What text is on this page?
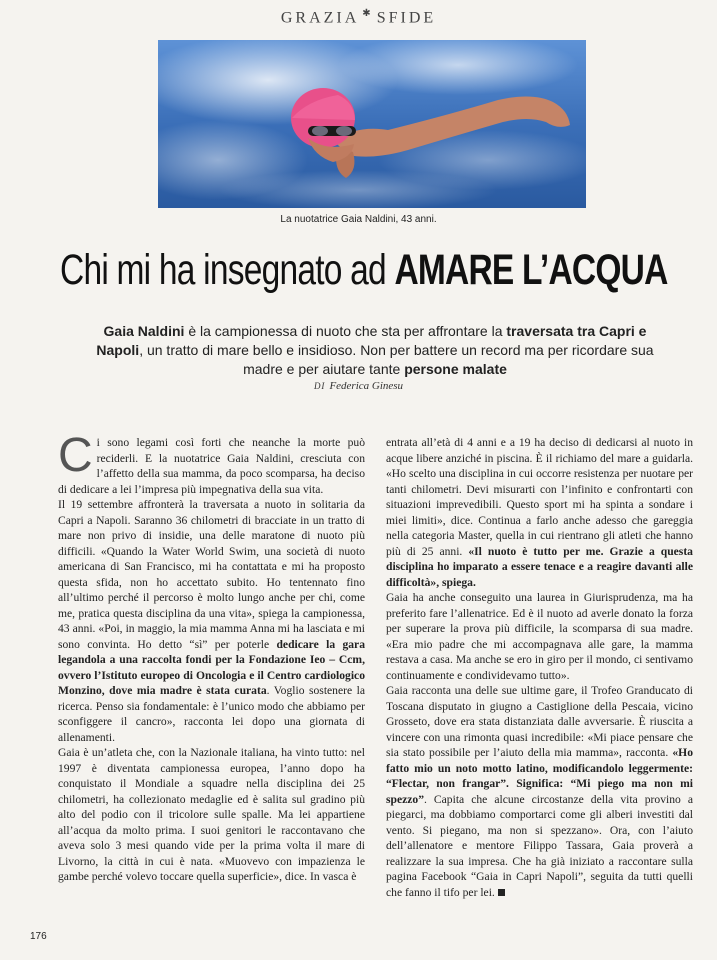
GRAZIA ✱ SFIDE
La nuotatrice Gaia Naldini, 43 anni.
Chi mi ha insegnato ad AMARE L’ACQUA
Gaia Naldini è la campionessa di nuoto che sta per affrontare la traversata tra Capri e Napoli, un tratto di mare bello e insidioso. Non per battere un record ma per ricordare sua madre e per aiutare tante persone malate
DI Federica Ginesu

Ci sono legami così forti che neanche la morte può reciderli. E la nuotatrice Gaia Naldini, cresciuta con l’affetto della sua mamma, da poco scomparsa, ha deciso di dedicare a lei l’impresa più impegnativa della sua vita.

Il 19 settembre affronterà la traversata a nuoto in solitaria da Capri a Napoli. Saranno 36 chilometri di bracciate in un tratto di mare non privo di insidie, una delle maratone di nuoto più difficili. «Quando la Water World Swim, una società di nuoto americana di San Francisco, mi ha contattata e mi ha proposto questa sfida, non ho accettato subito. Ho tentennato fino all’ultimo perché il percorso è molto lungo anche per chi, come me, pratica questa disciplina da una vita», spiega la campionessa, 43 anni. «Poi, in maggio, la mia mamma Anna mi ha lasciata e mi sono convinta. Ho detto “sì” per poterle dedicare la gara legandola a una raccolta fondi per la Fondazione Ieo – Ccm, ovvero l’Istituto europeo di Oncologia e il Centro cardiologico Monzino, dove mia madre è stata curata. Voglio sostenere la ricerca. Penso sia fondamentale: è l’unico modo che abbiamo per sconfiggere il cancro», racconta lei dopo una giornata di allenamenti.

Gaia è un’atleta che, con la Nazionale italiana, ha vinto tutto: nel 1997 è diventata campionessa europea, l’anno dopo ha conquistato il Mondiale a squadre nella disciplina dei 25 chilometri, ha collezionato medaglie ed è salita sul gradino più alto del podio con il tricolore sulle spalle. Ma lei appartiene all’acqua da molto prima. I suoi genitori le raccontavano che aveva solo 3 mesi quando vide per la prima volta il mare di Livorno, la città in cui è nata. «Muovevo con impazienza le gambe perché volevo toccare quella superficie», dice. In vasca è

entrata all’età di 4 anni e a 19 ha deciso di dedicarsi al nuoto in acque libere anziché in piscina. È il richiamo del mare a guidarla. «Ho scelto una disciplina in cui occorre resistenza per nuotare per tanti chilometri. Devi misurarti con l’infinito e confrontarti con situazioni imprevedibili. Questo sport mi ha spinta a sondare i miei limiti», dice. Continua a farlo anche adesso che gareggia nella categoria Master, quella in cui rientrano gli atleti che hanno più di 25 anni. «Il nuoto è tutto per me. Grazie a questa disciplina ho imparato a essere tenace e a reagire davanti alle difficoltà», spiega.

Gaia ha anche conseguito una laurea in Giurisprudenza, ma ha preferito fare l’allenatrice. Ed è il nuoto ad averle donato la forza per superare la prova più difficile, la scomparsa di sua madre. «Era mio padre che mi accompagnava alle gare, la mamma restava a casa. Ma anche se ero in giro per il mondo, ci sentivamo continuamente e condividevamo tutto».

Gaia racconta una delle sue ultime gare, il Trofeo Granducato di Toscana disputato in giugno a Castiglione della Pescaia, vicino Grosseto, dove era stata distanziata dalle avversarie. È riuscita a vincere con una rimonta quasi incredibile: «Mi piace pensare che sia stato possibile per l’aiuto della mia mamma», racconta. «Ho fatto mio un noto motto latino, modificandolo leggermente: “Flectar, non frangar”. Significa: “Mi piego ma non mi spezzo”. Capita che alcune circostanze della vita provino a piegarci, ma dobbiamo comportarci come gli alberi investiti dal vento. Si piegano, ma non si spezzano». Ora, con l’aiuto dell’allenatore e mentore Filippo Tassara, Gaia proverà a realizzare la sua impresa. Che ha già iniziato a raccontare sulla pagina Facebook “Gaia in Capri Napoli”, seguita da tutti quelli che fanno il tifo per lei.

176
